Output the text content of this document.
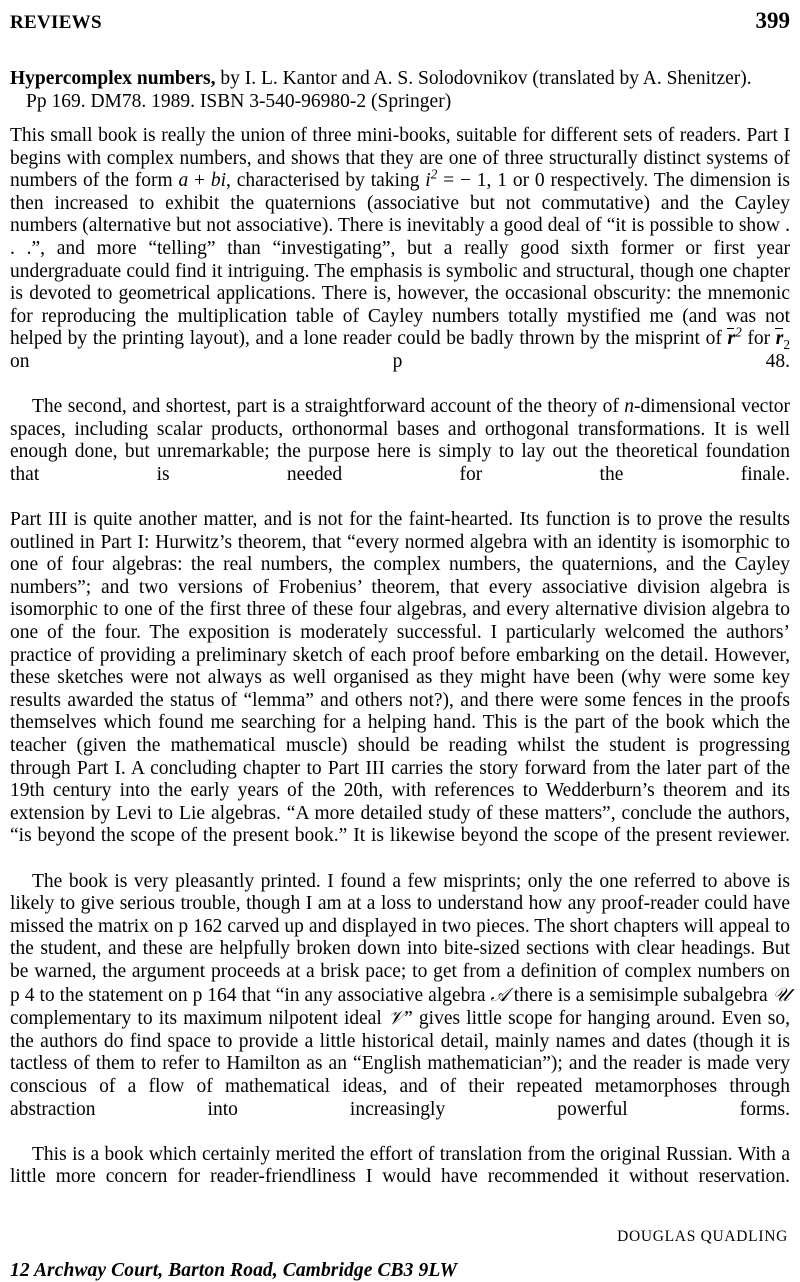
REVIEWS	399
Hypercomplex numbers, by I. L. Kantor and A. S. Solodovnikov (translated by A. Shenitzer).
Pp 169. DM78. 1989. ISBN 3-540-96980-2 (Springer)

This small book is really the union of three mini-books, suitable for different sets of readers. Part I begins with complex numbers, and shows that they are one of three structurally distinct systems of numbers of the form a + bi, characterised by taking $i^2$ = − 1, 1 or 0 respectively. The dimension is then increased to exhibit the quaternions (associative but not commutative) and the Cayley numbers (alternative but not associative). There is inevitably a good deal of “it is possible to show . . .”, and more “telling” than “investigating”, but a really good sixth former or first year undergraduate could find it intriguing. The emphasis is symbolic and structural, though one chapter is devoted to geometrical applications. There is, however, the occasional obscurity: the mnemonic for reproducing the multiplication table of Cayley numbers totally mystified me (and was not helped by the printing layout), and a lone reader could be badly thrown by the misprint of $r^2$ for $r_2$ on p 48.

The second, and shortest, part is a straightforward account of the theory of n-dimensional vector spaces, including scalar products, orthonormal bases and orthogonal transformations. It is well enough done, but unremarkable; the purpose here is simply to lay out the theoretical foundation that is needed for the finale.

Part III is quite another matter, and is not for the faint-hearted. Its function is to prove the results outlined in Part I: Hurwitz’s theorem, that “every normed algebra with an identity is isomorphic to one of four algebras: the real numbers, the complex numbers, the quaternions, and the Cayley numbers”; and two versions of Frobenius’ theorem, that every associative division algebra is isomorphic to one of the first three of these four algebras, and every alternative division algebra to one of the four. The exposition is moderately successful. I particularly welcomed the authors’ practice of providing a preliminary sketch of each proof before embarking on the detail. However, these sketches were not always as well organised as they might have been (why were some key results awarded the status of “lemma” and others not?), and there were some fences in the proofs themselves which found me searching for a helping hand. This is the part of the book which the teacher (given the mathematical muscle) should be reading whilst the student is progressing through Part I. A concluding chapter to Part III carries the story forward from the later part of the 19th century into the early years of the 20th, with references to Wedderburn’s theorem and its extension by Levi to Lie algebras. “A more detailed study of these matters”, conclude the authors, “is beyond the scope of the present book.” It is likewise beyond the scope of the present reviewer.

The book is very pleasantly printed. I found a few misprints; only the one referred to above is likely to give serious trouble, though I am at a loss to understand how any proof-reader could have missed the matrix on p 162 carved up and displayed in two pieces. The short chapters will appeal to the student, and these are helpfully broken down into bite-sized sections with clear headings. But be warned, the argument proceeds at a brisk pace; to get from a definition of complex numbers on p 4 to the statement on p 164 that “in any associative algebra 𝒜 there is a semisimple subalgebra 𝒰 complementary to its maximum nilpotent ideal 𝒱” gives little scope for hanging around. Even so, the authors do find space to provide a little historical detail, mainly names and dates (though it is tactless of them to refer to Hamilton as an “English mathematician”); and the reader is made very conscious of a flow of mathematical ideas, and of their repeated metamorphoses through abstraction into increasingly powerful forms.

This is a book which certainly merited the effort of translation from the original Russian. With a little more concern for reader-friendliness I would have recommended it without reservation.

DOUGLAS QUADLING
12 Archway Court, Barton Road, Cambridge CB3 9LW
